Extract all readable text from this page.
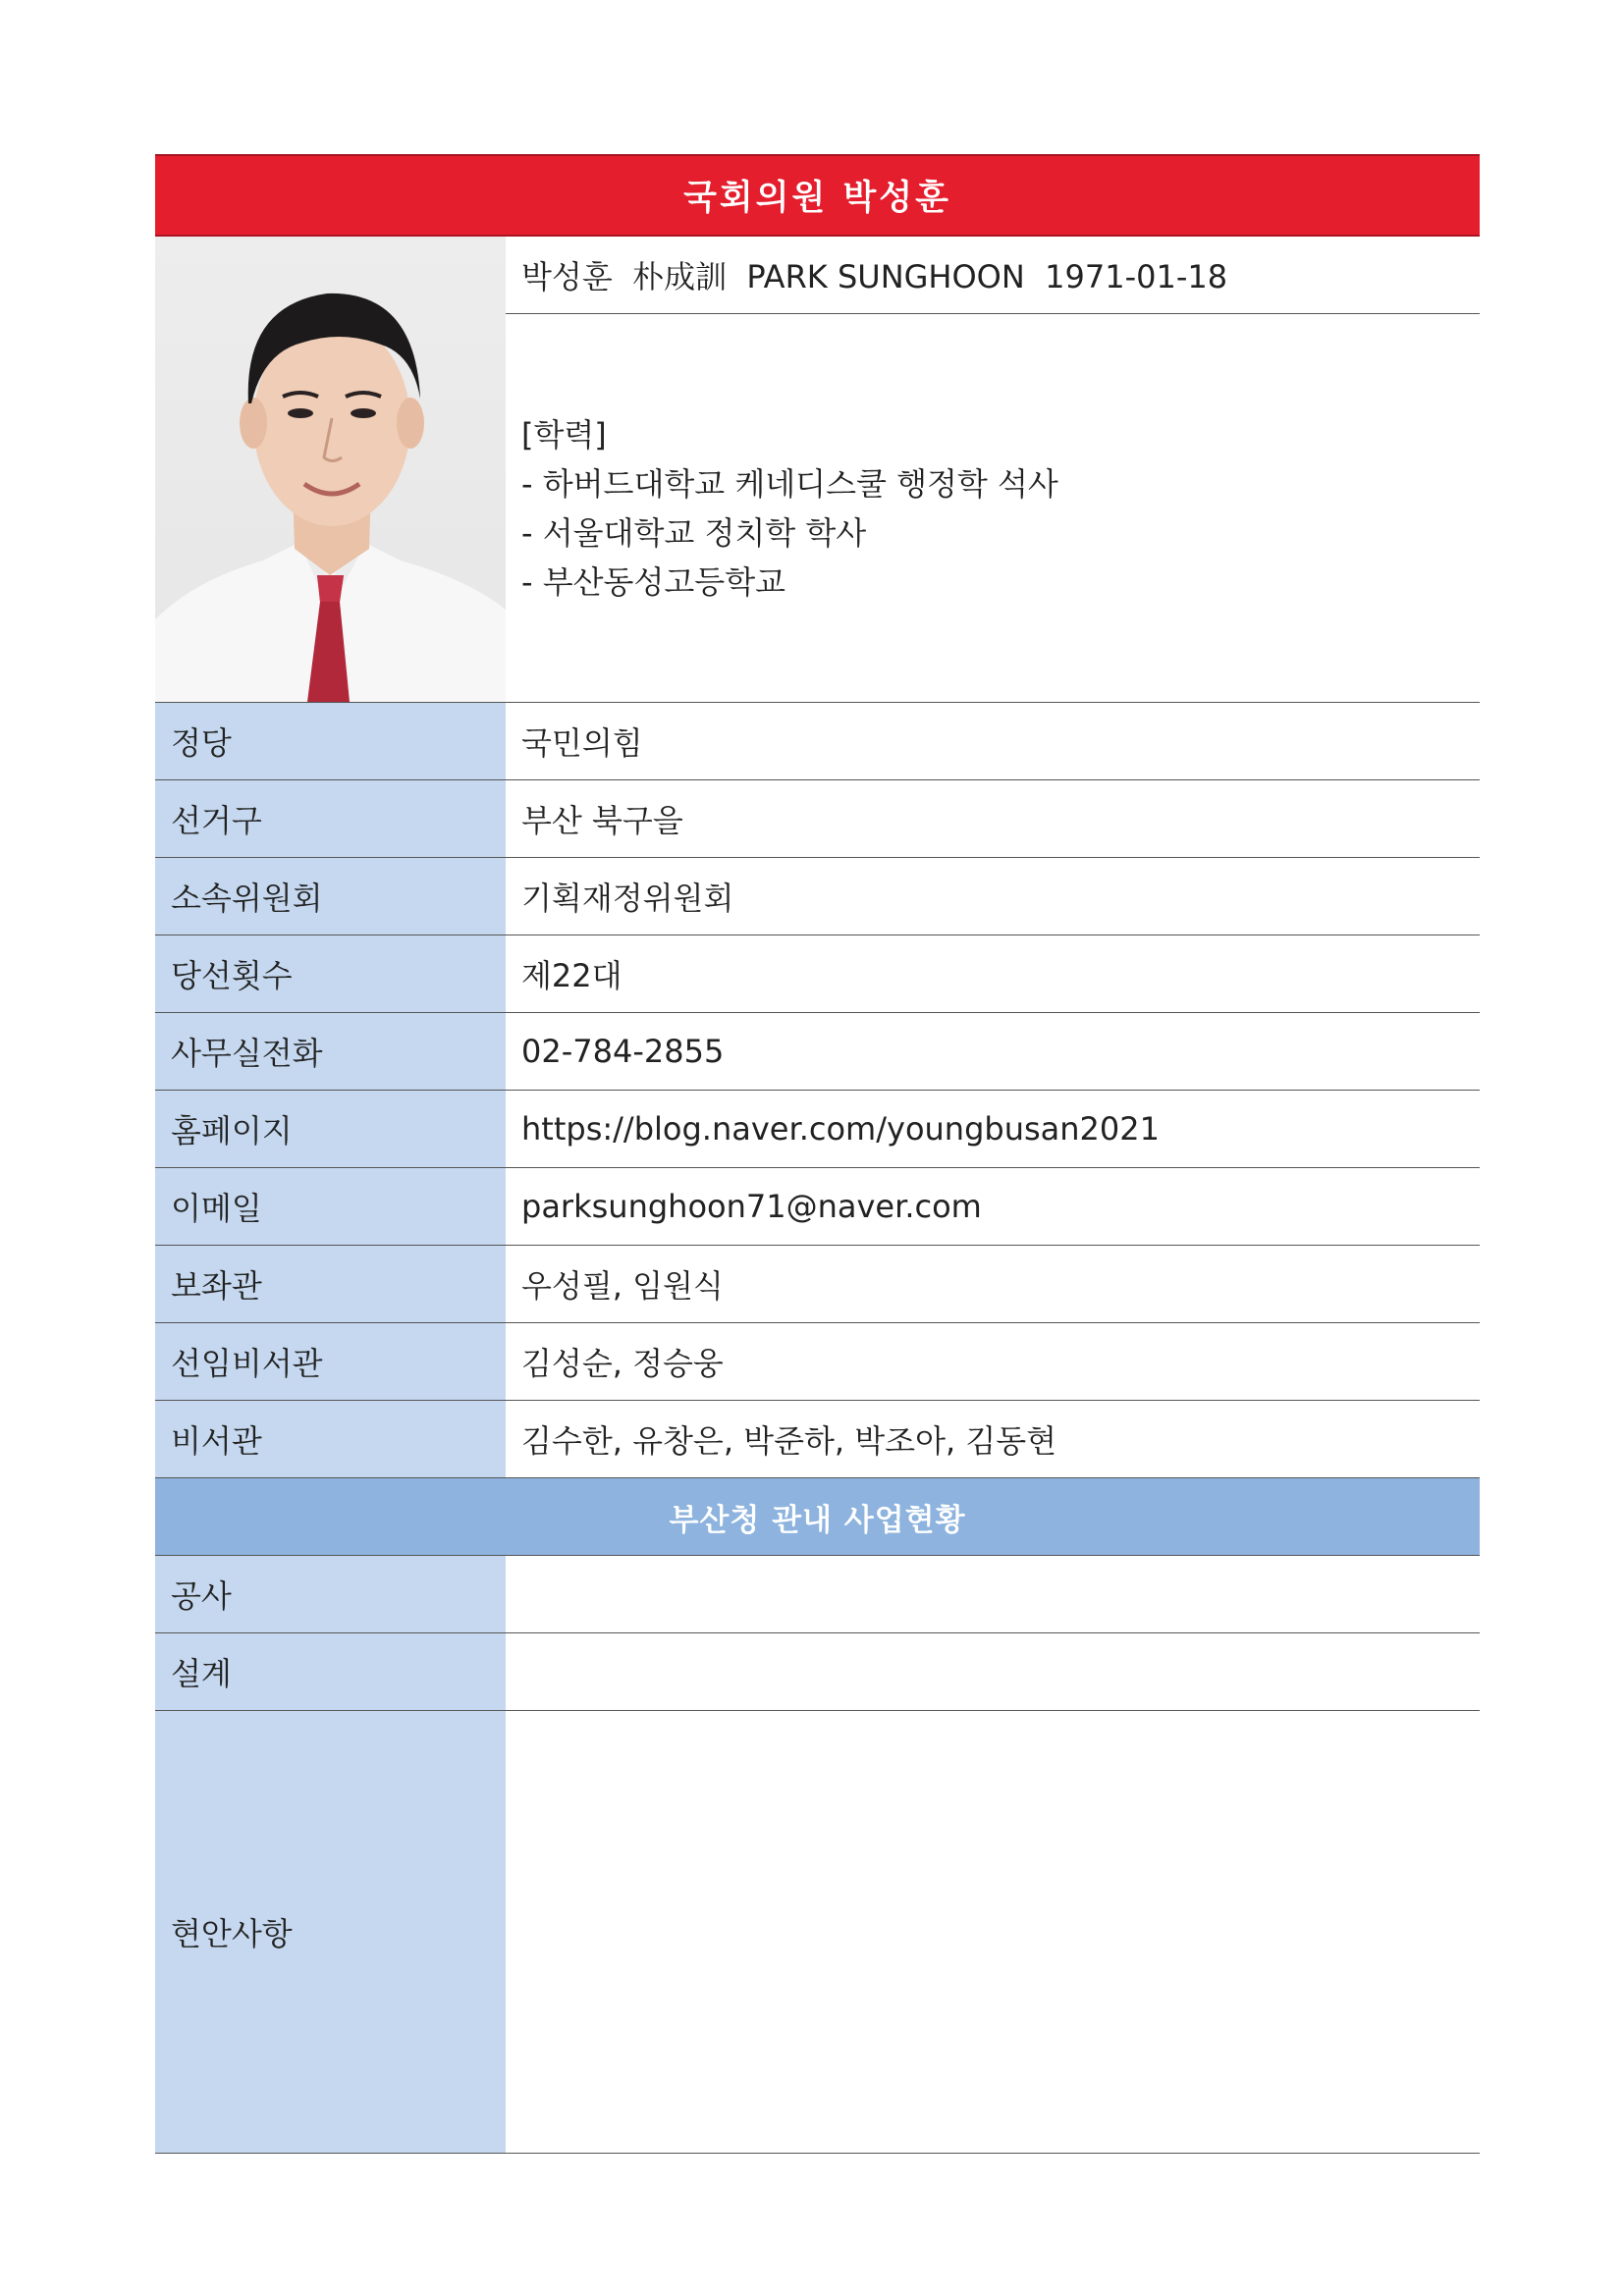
국회의원 박성훈
박성훈  朴成訓  PARK SUNGHOON  1971-01-18
[학력]
- 하버드대학교 케네디스쿨 행정학 석사
- 서울대학교 정치학 학사
- 부산동성고등학교
정당	국민의힘
선거구	부산 북구을
소속위원회	기획재정위원회
당선횟수	제22대
사무실전화	02-784-2855
홈페이지	https://blog.naver.com/youngbusan2021
이메일	parksunghoon71@naver.com
보좌관	우성필, 임원식
선임비서관	김성순, 정승웅
비서관	김수한, 유창은, 박준하, 박조아, 김동현
부산청 관내 사업현황
공사
설계
현안사항
